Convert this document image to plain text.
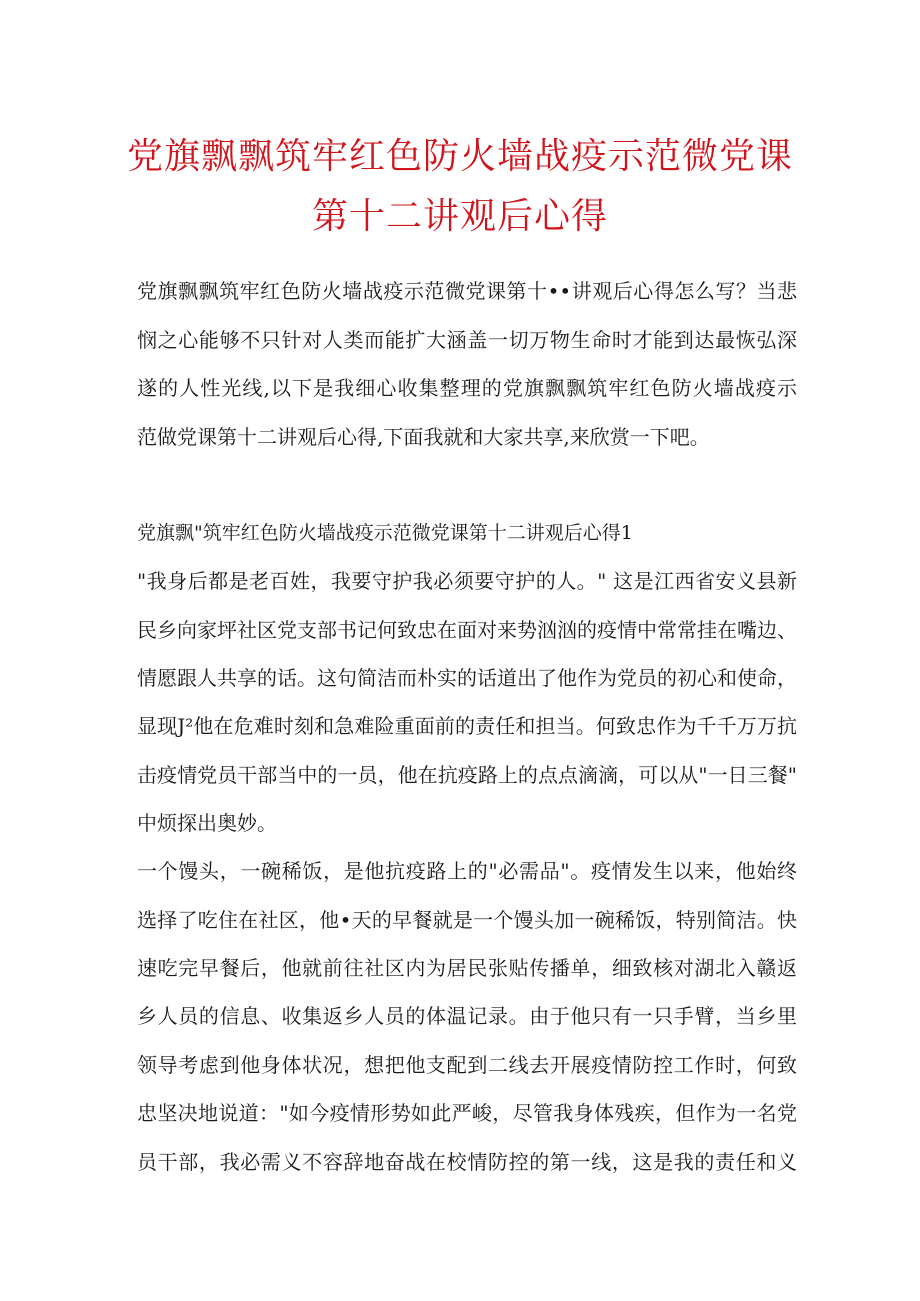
党旗飘飘筑牢红色防火墙战疫示范微党课
第十二讲观后心得
党旗飘飘筑牢红色防火墙战疫示范微党课第十••讲观后心得怎么写？当悲
悯之心能够不只针对人类而能扩大涵盖一切万物生命时才能到达最恢弘深
遂的人性光线,以下是我细心收集整理的党旗飘飘筑牢红色防火墙战疫示
范做党课第十二讲观后心得,下面我就和大家共享,来欣赏一下吧。
党旗飘"筑牢红色防火墙战疫示范微党课第十二讲观后心得1
"我身后都是老百姓，我要守护我必须要守护的人。" 这是江西省安义县新
民乡向家坪社区党支部书记何致忠在面对来势汹汹的疫情中常常挂在嘴边、
情愿跟人共享的话。这句简洁而朴实的话道出了他作为党员的初心和使命，
显现J²他在危难时刻和急难险重面前的责任和担当。何致忠作为千千万万抗
击疫情党员干部当中的一员，他在抗疫路上的点点滴滴，可以从"一日三餐"
中烦探出奥妙。
一个馒头，一碗稀饭，是他抗疫路上的"必需品"。疫情发生以来，他始终
选择了吃住在社区，他•天的早餐就是一个馒头加一碗稀饭，特别简洁。快
速吃完早餐后，他就前往社区内为居民张贴传播单，细致核对湖北入赣返
乡人员的信息、收集返乡人员的体温记录。由于他只有一只手臂，当乡里
领导考虑到他身体状况，想把他支配到二线去开展疫情防控工作时，何致
忠坚决地说道："如今疫情形势如此严峻，尽管我身体残疾，但作为一名党
员干部，我必需义不容辞地奋战在校情防控的第一线，这是我的责任和义
